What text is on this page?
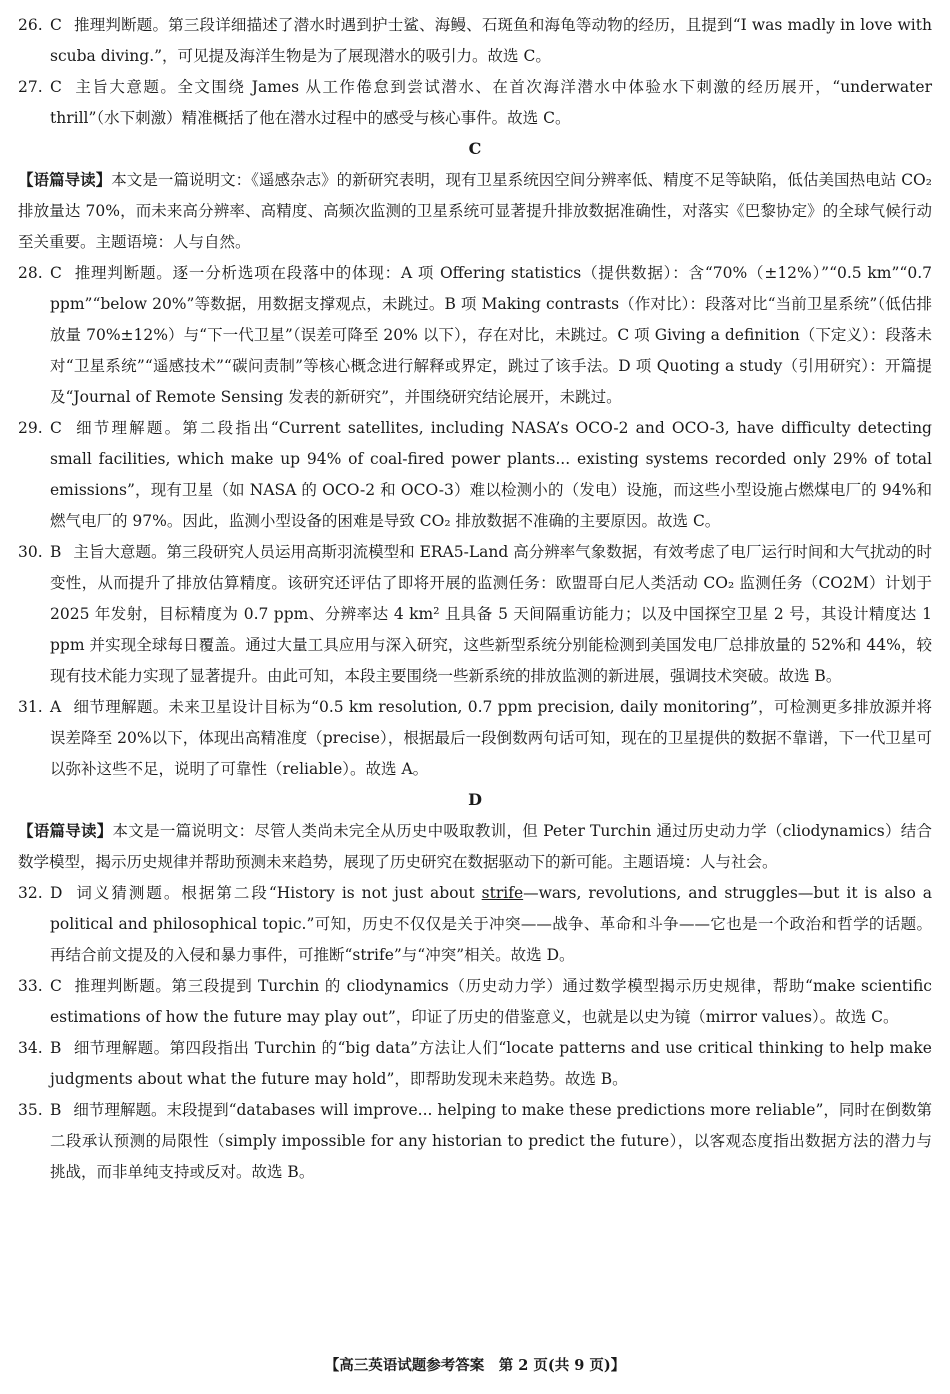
26. C 推理判断题。第三段详细描述了潜水时遇到护士鲨、海鳗、石斑鱼和海龟等动物的经历，且提到“I was madly in love with scuba diving.”，可见提及海洋生物是为了展现潜水的吸引力。故选 C。
27. C 主旨大意题。全文围绕 James 从工作倦怠到尝试潜水、在首次海洋潜水中体验水下刺激的经历展开，“underwater thrill”（水下刺激）精准概括了他在潜水过程中的感受与核心事件。故选 C。
C
【语篇导读】本文是一篇说明文：《遥感杂志》的新研究表明，现有卫星系统因空间分辨率低、精度不足等缺陷，低估美国热电站 CO₂ 排放量达 70%，而未来高分辨率、高精度、高频次监测的卫星系统可显著提升排放数据准确性，对落实《巴黎协定》的全球气候行动至关重要。主题语境：人与自然。
28. C 推理判断题。逐一分析选项在段落中的体现：A 项 Offering statistics（提供数据）：含“70%（±12%）”“0.5 km”“0.7 ppm”“below 20%”等数据，用数据支撑观点，未跳过。B 项 Making contrasts（作对比）：段落对比“当前卫星系统”（低估排放量 70%±12%）与“下一代卫星”（误差可降至 20% 以下），存在对比，未跳过。C 项 Giving a definition（下定义）：段落未对“卫星系统”“遥感技术”“碳问责制”等核心概念进行解释或界定，跳过了该手法。D 项 Quoting a study（引用研究）：开篇提及“Journal of Remote Sensing 发表的新研究”，并围绕研究结论展开，未跳过。
29. C 细节理解题。第二段指出“Current satellites, including NASA’s OCO-2 and OCO-3, have difficulty detecting small facilities, which make up 94% of coal-fired power plants... existing systems recorded only 29% of total emissions”，现有卫星（如 NASA 的 OCO-2 和 OCO-3）难以检测小的（发电）设施，而这些小型设施占燃煤电厂的 94%和燃气电厂的 97%。因此，监测小型设备的困难是导致 CO₂ 排放数据不准确的主要原因。故选 C。
30. B 主旨大意题。第三段研究人员运用高斯羽流模型和 ERA5-Land 高分辨率气象数据，有效考虑了电厂运行时间和大气扰动的时变性，从而提升了排放估算精度。该研究还评估了即将开展的监测任务：欧盟哥白尼人类活动 CO₂ 监测任务（CO2M）计划于 2025 年发射，目标精度为 0.7 ppm、分辨率达 4 km² 且具备 5 天间隔重访能力；以及中国探空卫星 2 号，其设计精度达 1 ppm 并实现全球每日覆盖。通过大量工具应用与深入研究，这些新型系统分别能检测到美国发电厂总排放量的 52%和 44%，较现有技术能力实现了显著提升。由此可知，本段主要围绕一些新系统的排放监测的新进展，强调技术突破。故选 B。
31. A 细节理解题。未来卫星设计目标为“0.5 km resolution, 0.7 ppm precision, daily monitoring”，可检测更多排放源并将误差降至 20%以下，体现出高精准度（precise），根据最后一段倒数两句话可知，现在的卫星提供的数据不靠谱，下一代卫星可以弥补这些不足，说明了可靠性（reliable）。故选 A。
D
【语篇导读】本文是一篇说明文：尽管人类尚未完全从历史中吸取教训，但 Peter Turchin 通过历史动力学（cliodynamics）结合数学模型，揭示历史规律并帮助预测未来趋势，展现了历史研究在数据驱动下的新可能。主题语境：人与社会。
32. D 词义猜测题。根据第二段“History is not just about strife—wars, revolutions, and struggles—but it is also a political and philosophical topic.”可知，历史不仅仅是关于冲突——战争、革命和斗争——它也是一个政治和哲学的话题。再结合前文提及的入侵和暴力事件，可推断“strife”与“冲突”相关。故选 D。
33. C 推理判断题。第三段提到 Turchin 的 cliodynamics（历史动力学）通过数学模型揭示历史规律，帮助“make scientific estimations of how the future may play out”，印证了历史的借鉴意义，也就是以史为镜（mirror values）。故选 C。
34. B 细节理解题。第四段指出 Turchin 的“big data”方法让人们“locate patterns and use critical thinking to help make judgments about what the future may hold”，即帮助发现未来趋势。故选 B。
35. B 细节理解题。末段提到“databases will improve... helping to make these predictions more reliable”，同时在倒数第二段承认预测的局限性（simply impossible for any historian to predict the future），以客观态度指出数据方法的潜力与挑战，而非单纯支持或反对。故选 B。
【高三英语试题参考答案　第 2 页(共 9 页)】
